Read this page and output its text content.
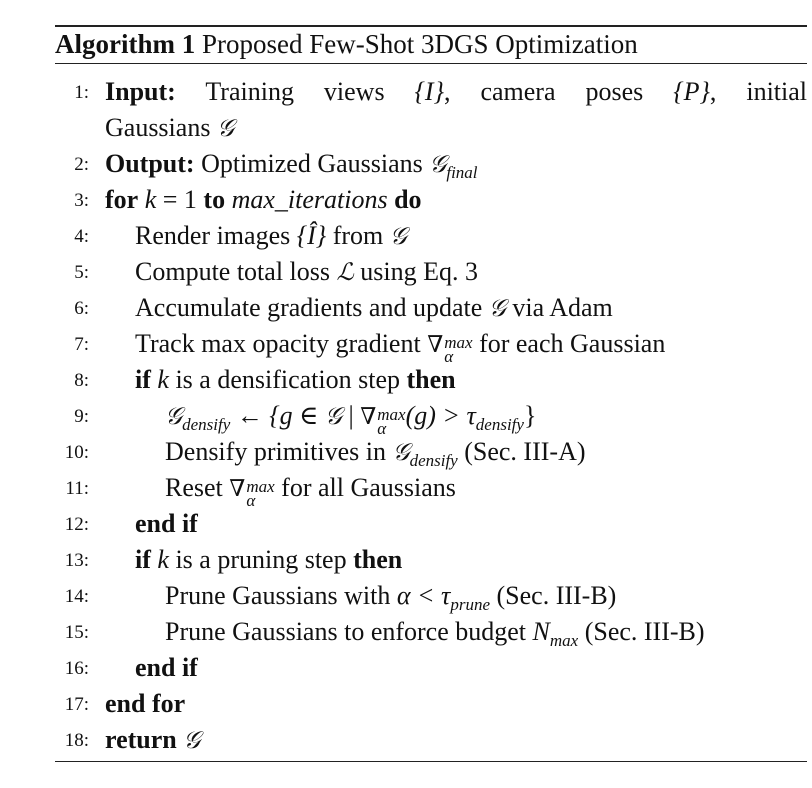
Algorithm 1 Proposed Few-Shot 3DGS Optimization
1: Input: Training views {I}, camera poses {P}, initial
Gaussians 𝒢
2: Output: Optimized Gaussians 𝒢$_{final}$
3: for k = 1 to max_iterations do
4: Render images {Î} from 𝒢
5: Compute total loss ℒ using Eq. 3
6: Accumulate gradients and update 𝒢 via Adam
7: Track max opacity gradient ∇ max
α for each Gaussian
8: if k is a densification step then
9:	𝒢$_{densify}$ ← {g ∈ 𝒢 | ∇ max
α $(g) > \tau_{densify}$}
10:	Densify primitives in 𝒢$_{densify}$ (Sec. III-A)
11:	Reset ∇ max
α for all Gaussians
12: end if
13: if k is a pruning step then
14:	Prune Gaussians with $\alpha < \tau_{prune}$ (Sec. III-B)
15:	Prune Gaussians to enforce budget $N_{max}$ (Sec. III-B)
16: end if
17: end for
18: return 𝒢
